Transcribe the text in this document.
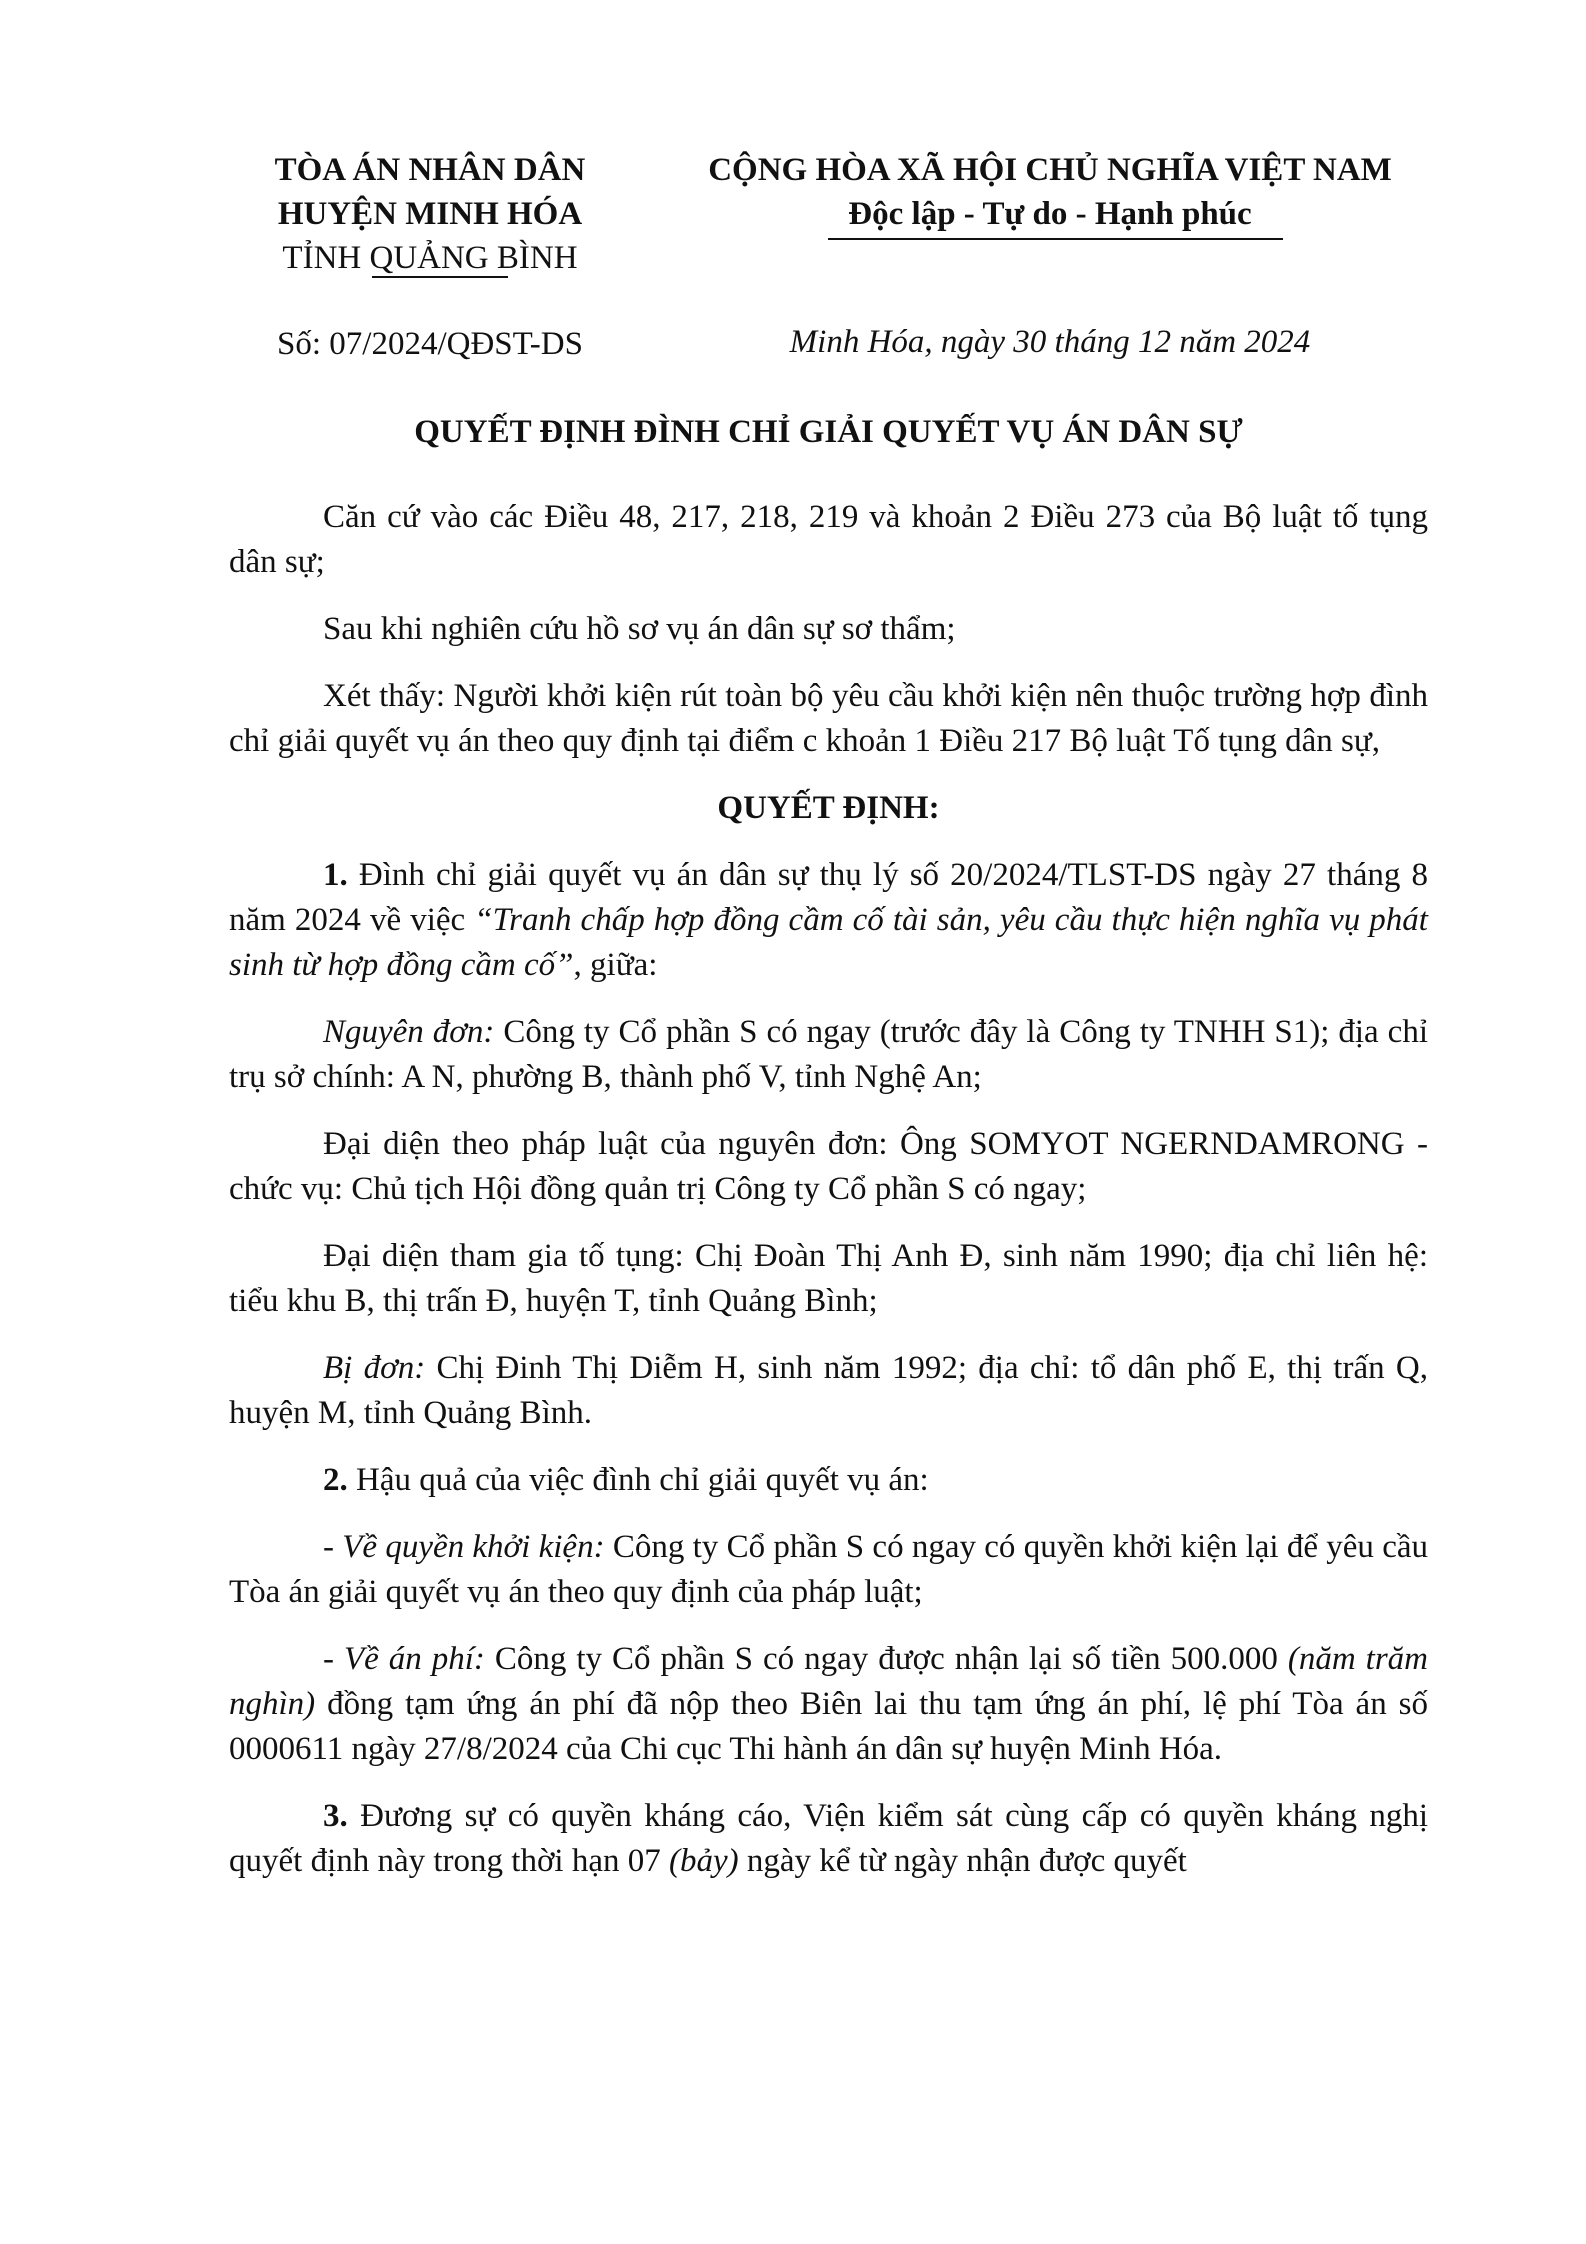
TÒA ÁN NHÂN DÂN
HUYỆN MINH HÓA
TỈNH QUẢNG BÌNH
CỘNG HÒA XÃ HỘI CHỦ NGHĨA VIỆT NAM
Độc lập - Tự do - Hạnh phúc
Số: 07/2024/QĐST-DS	Minh Hóa, ngày 30 tháng 12 năm 2024
QUYẾT ĐỊNH ĐÌNH CHỈ GIẢI QUYẾT VỤ ÁN DÂN SỰ

Căn cứ vào các Điều 48, 217, 218, 219 và khoản 2 Điều 273 của Bộ luật tố tụng dân sự;

Sau khi nghiên cứu hồ sơ vụ án dân sự sơ thẩm;

Xét thấy: Người khởi kiện rút toàn bộ yêu cầu khởi kiện nên thuộc trường hợp đình chỉ giải quyết vụ án theo quy định tại điểm c khoản 1 Điều 217 Bộ luật Tố tụng dân sự,

QUYẾT ĐỊNH:

1. Đình chỉ giải quyết vụ án dân sự thụ lý số 20/2024/TLST-DS ngày 27 tháng 8 năm 2024 về việc “Tranh chấp hợp đồng cầm cố tài sản, yêu cầu thực hiện nghĩa vụ phát sinh từ hợp đồng cầm cố”, giữa:

Nguyên đơn: Công ty Cổ phần S có ngay (trước đây là Công ty TNHH S1); địa chỉ trụ sở chính: A N, phường B, thành phố V, tỉnh Nghệ An;

Đại diện theo pháp luật của nguyên đơn: Ông SOMYOT NGERNDAMRONG - chức vụ: Chủ tịch Hội đồng quản trị Công ty Cổ phần S có ngay;

Đại diện tham gia tố tụng: Chị Đoàn Thị Anh Đ, sinh năm 1990; địa chỉ liên hệ: tiểu khu B, thị trấn Đ, huyện T, tỉnh Quảng Bình;

Bị đơn: Chị Đinh Thị Diễm H, sinh năm 1992; địa chỉ: tổ dân phố E, thị trấn Q, huyện M, tỉnh Quảng Bình.

2. Hậu quả của việc đình chỉ giải quyết vụ án:

- Về quyền khởi kiện: Công ty Cổ phần S có ngay có quyền khởi kiện lại để yêu cầu Tòa án giải quyết vụ án theo quy định của pháp luật;

- Về án phí: Công ty Cổ phần S có ngay được nhận lại số tiền 500.000 (năm trăm nghìn) đồng tạm ứng án phí đã nộp theo Biên lai thu tạm ứng án phí, lệ phí Tòa án số 0000611 ngày 27/8/2024 của Chi cục Thi hành án dân sự huyện Minh Hóa.

3. Đương sự có quyền kháng cáo, Viện kiểm sát cùng cấp có quyền kháng nghị quyết định này trong thời hạn 07 (bảy) ngày kể từ ngày nhận được quyết
